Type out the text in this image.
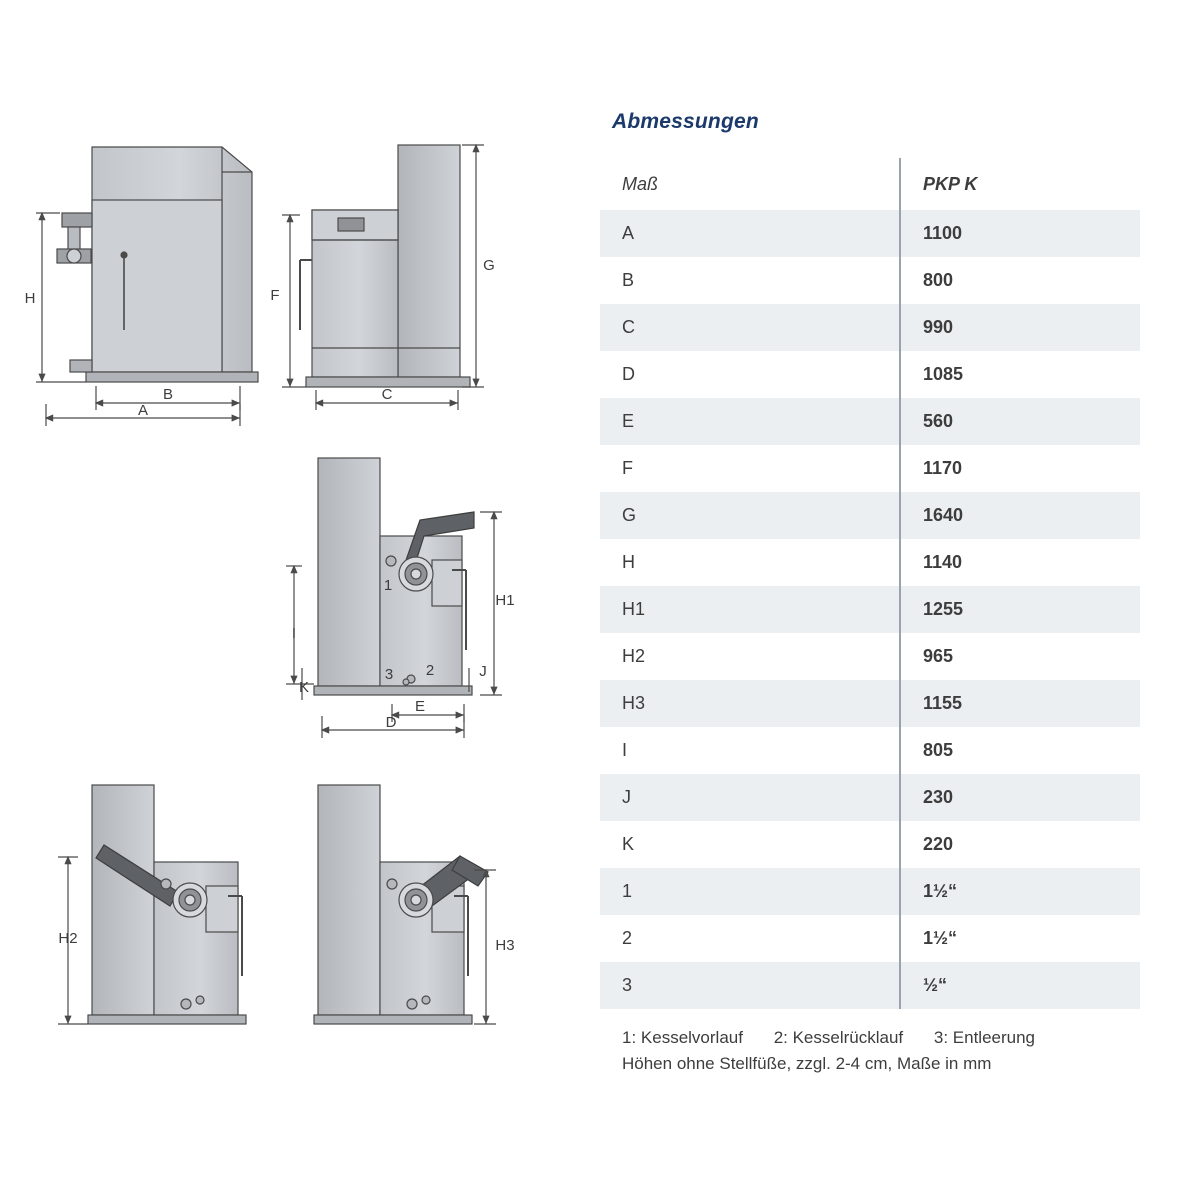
H
B
A
G
F
C
1
2
3
H1
I
K
J
E
D
H2	H3
Abmessungen
Maß	PKP K
A	1100
B	800
C	990
D	1085
E	560
F	1170
G	1640
H	1140
H1	1255
H2	965
H3	1155
I	805
J	230
K	220
1	1½“
2	1½“
3	½“
1: Kesselvorlauf 2: Kesselrücklauf 3: Entleerung
Höhen ohne Stellfüße, zzgl. 2-4 cm, Maße in mm
